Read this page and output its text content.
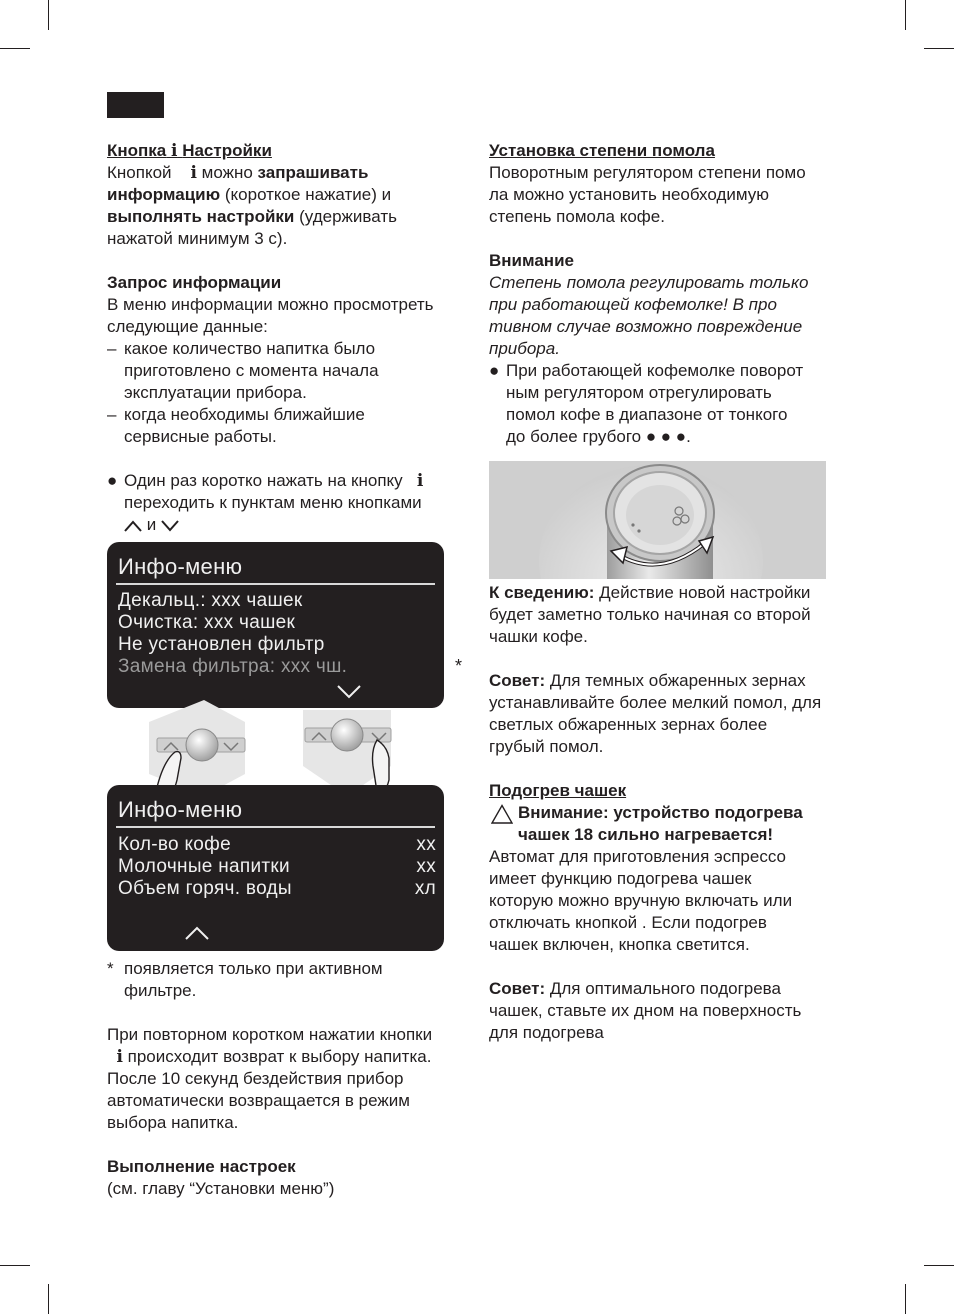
Кнопка i Настройки

Кнопкой i можно запрашивать

информацию (короткое нажатие) и

выполнять настройки (удерживать

нажатой минимум 3 с).

Запрос информации

В меню информации можно просмотреть

следующие данные:

– какое количество напитка было

приготовлено с момента начала

эксплуатации прибора.

– когда необходимы ближайшие

сервисные работы.

● Один раз коротко нажать на кнопку i

переходить к пунктам меню кнопками

и

Инфо-меню
Декальц.: xxx чашек
Очистка: xxx чашек
Не установлен фильтр
Замена фильтра: xxx чш.	*
Инфо-меню
Кол-во кофе	xx
Молочные напитки	xx
Объем горяч. воды	xл
* появляется только при активном

фильтре.

При повторном коротком нажатии кнопки

i происходит возврат к выбору напитка.

После 10 секунд бездействия прибор

автоматически возвращается в режим

выбора напитка.

Выполнение настроек

(см. главу “Установки меню”)

Установка степени помола

Поворотным регулятором степени помо

ла можно установить необходимую

степень помола кофе.

Внимание

Степень помола регулировать только

при работающей кофемолке! В про

тивном случае возможно повреждение

прибора.

● При работающей кофемолке поворот

ным регулятором отрегулировать

помол кофе в диапазоне от тонкого

до более грубого ● ● ●.

К сведению: Действие новой настройки

будет заметно только начиная со второй

чашки кофе.

Совет: Для темных обжаренных зернах

устанавливайте более мелкий помол, для

светлых обжаренных зернах более

грубый помол.

Подогрев чашек

Внимание: устройство подогрева

чашек 18 сильно нагревается!

Автомат для приготовления эспрессо

имеет функцию подогрева чашек

которую можно вручную включать или

отключать кнопкой . Если подогрев

чашек включен, кнопка светится.

Совет: Для оптимального подогрева

чашек, ставьте их дном на поверхность

для подогрева
